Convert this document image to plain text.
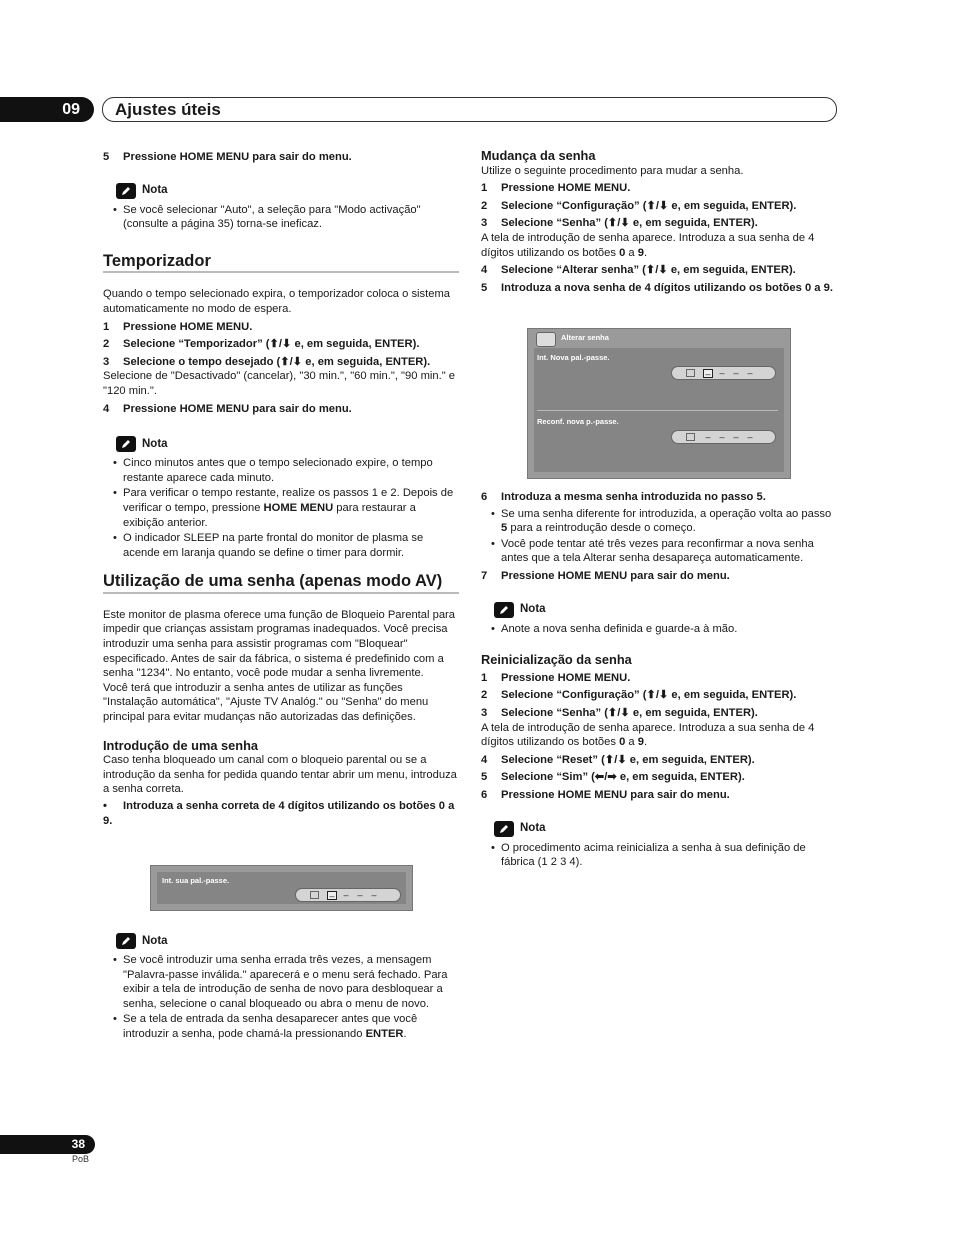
09	Ajustes úteis

5 Pressione HOME MENU para sair do menu.

Nota
• Se você selecionar "Auto", a seleção para "Modo activação" (consulte a página 35) torna-se ineficaz.
Temporizador

Quando o tempo selecionado expira, o temporizador coloca o sistema automaticamente no modo de espera.

1 Pressione HOME MENU.

2 Selecione “Temporizador” (⬆/⬇ e, em seguida, ENTER).

3 Selecione o tempo desejado (⬆/⬇ e, em seguida, ENTER).

Selecione de "Desactivado" (cancelar), "30 min.", "60 min.", "90 min." e "120 min.".

4 Pressione HOME MENU para sair do menu.

Nota
• Cinco minutos antes que o tempo selecionado expire, o tempo restante aparece cada minuto.
• Para verificar o tempo restante, realize os passos 1 e 2. Depois de verificar o tempo, pressione HOME MENU para restaurar a exibição anterior.
• O indicador SLEEP na parte frontal do monitor de plasma se acende em laranja quando se define o timer para dormir.
Utilização de uma senha (apenas modo AV)

Este monitor de plasma oferece uma função de Bloqueio Parental para impedir que crianças assistam programas inadequados. Você precisa introduzir uma senha para assistir programas com "Bloquear" especificado. Antes de sair da fábrica, o sistema é predefinido com a senha "1234". No entanto, você pode mudar a senha livremente.

Você terá que introduzir a senha antes de utilizar as funções "Instalação automática", "Ajuste TV Analóg." ou "Senha" do menu principal para evitar mudanças não autorizadas das definições.

Introdução de uma senha

Caso tenha bloqueado um canal com o bloqueio parental ou se a introdução da senha for pedida quando tentar abrir um menu, introduza a senha correta.

• Introduza a senha correta de 4 dígitos utilizando os botões 0 a 9.

Int. sua pal.-passe.
– – – –
Nota
• Se você introduzir uma senha errada três vezes, a mensagem "Palavra-passe inválida." aparecerá e o menu será fechado. Para exibir a tela de introdução de senha de novo para desbloquear a senha, selecione o canal bloqueado ou abra o menu de novo.
• Se a tela de entrada da senha desaparecer antes que você introduzir a senha, pode chamá-la pressionando ENTER.
Mudança da senha

Utilize o seguinte procedimento para mudar a senha.

1 Pressione HOME MENU.

2 Selecione “Configuração” (⬆/⬇ e, em seguida, ENTER).

3 Selecione “Senha” (⬆/⬇ e, em seguida, ENTER).

A tela de introdução de senha aparece. Introduza a sua senha de 4 dígitos utilizando os botões 0 a 9.

4 Selecione “Alterar senha” (⬆/⬇ e, em seguida, ENTER).

5 Introduza a nova senha de 4 dígitos utilizando os botões 0 a 9.

Alterar senha
Int. Nova pal.-passe.
– – – –
Reconf. nova p.-passe.
– – – –

6 Introduza a mesma senha introduzida no passo 5.

• Se uma senha diferente for introduzida, a operação volta ao passo 5 para a reintrodução desde o começo.
• Você pode tentar até três vezes para reconfirmar a nova senha antes que a tela Alterar senha desapareça automaticamente.

7 Pressione HOME MENU para sair do menu.

Nota
• Anote a nova senha definida e guarde-a à mão.
Reinicialização da senha

1 Pressione HOME MENU.

2 Selecione “Configuração” (⬆/⬇ e, em seguida, ENTER).

3 Selecione “Senha” (⬆/⬇ e, em seguida, ENTER).

A tela de introdução de senha aparece. Introduza a sua senha de 4 dígitos utilizando os botões 0 a 9.

4 Selecione “Reset” (⬆/⬇ e, em seguida, ENTER).

5 Selecione “Sim” (⬅/➡ e, em seguida, ENTER).

6 Pressione HOME MENU para sair do menu.

Nota
• O procedimento acima reinicializa a senha à sua definição de fábrica (1 2 3 4).
38
PoB
